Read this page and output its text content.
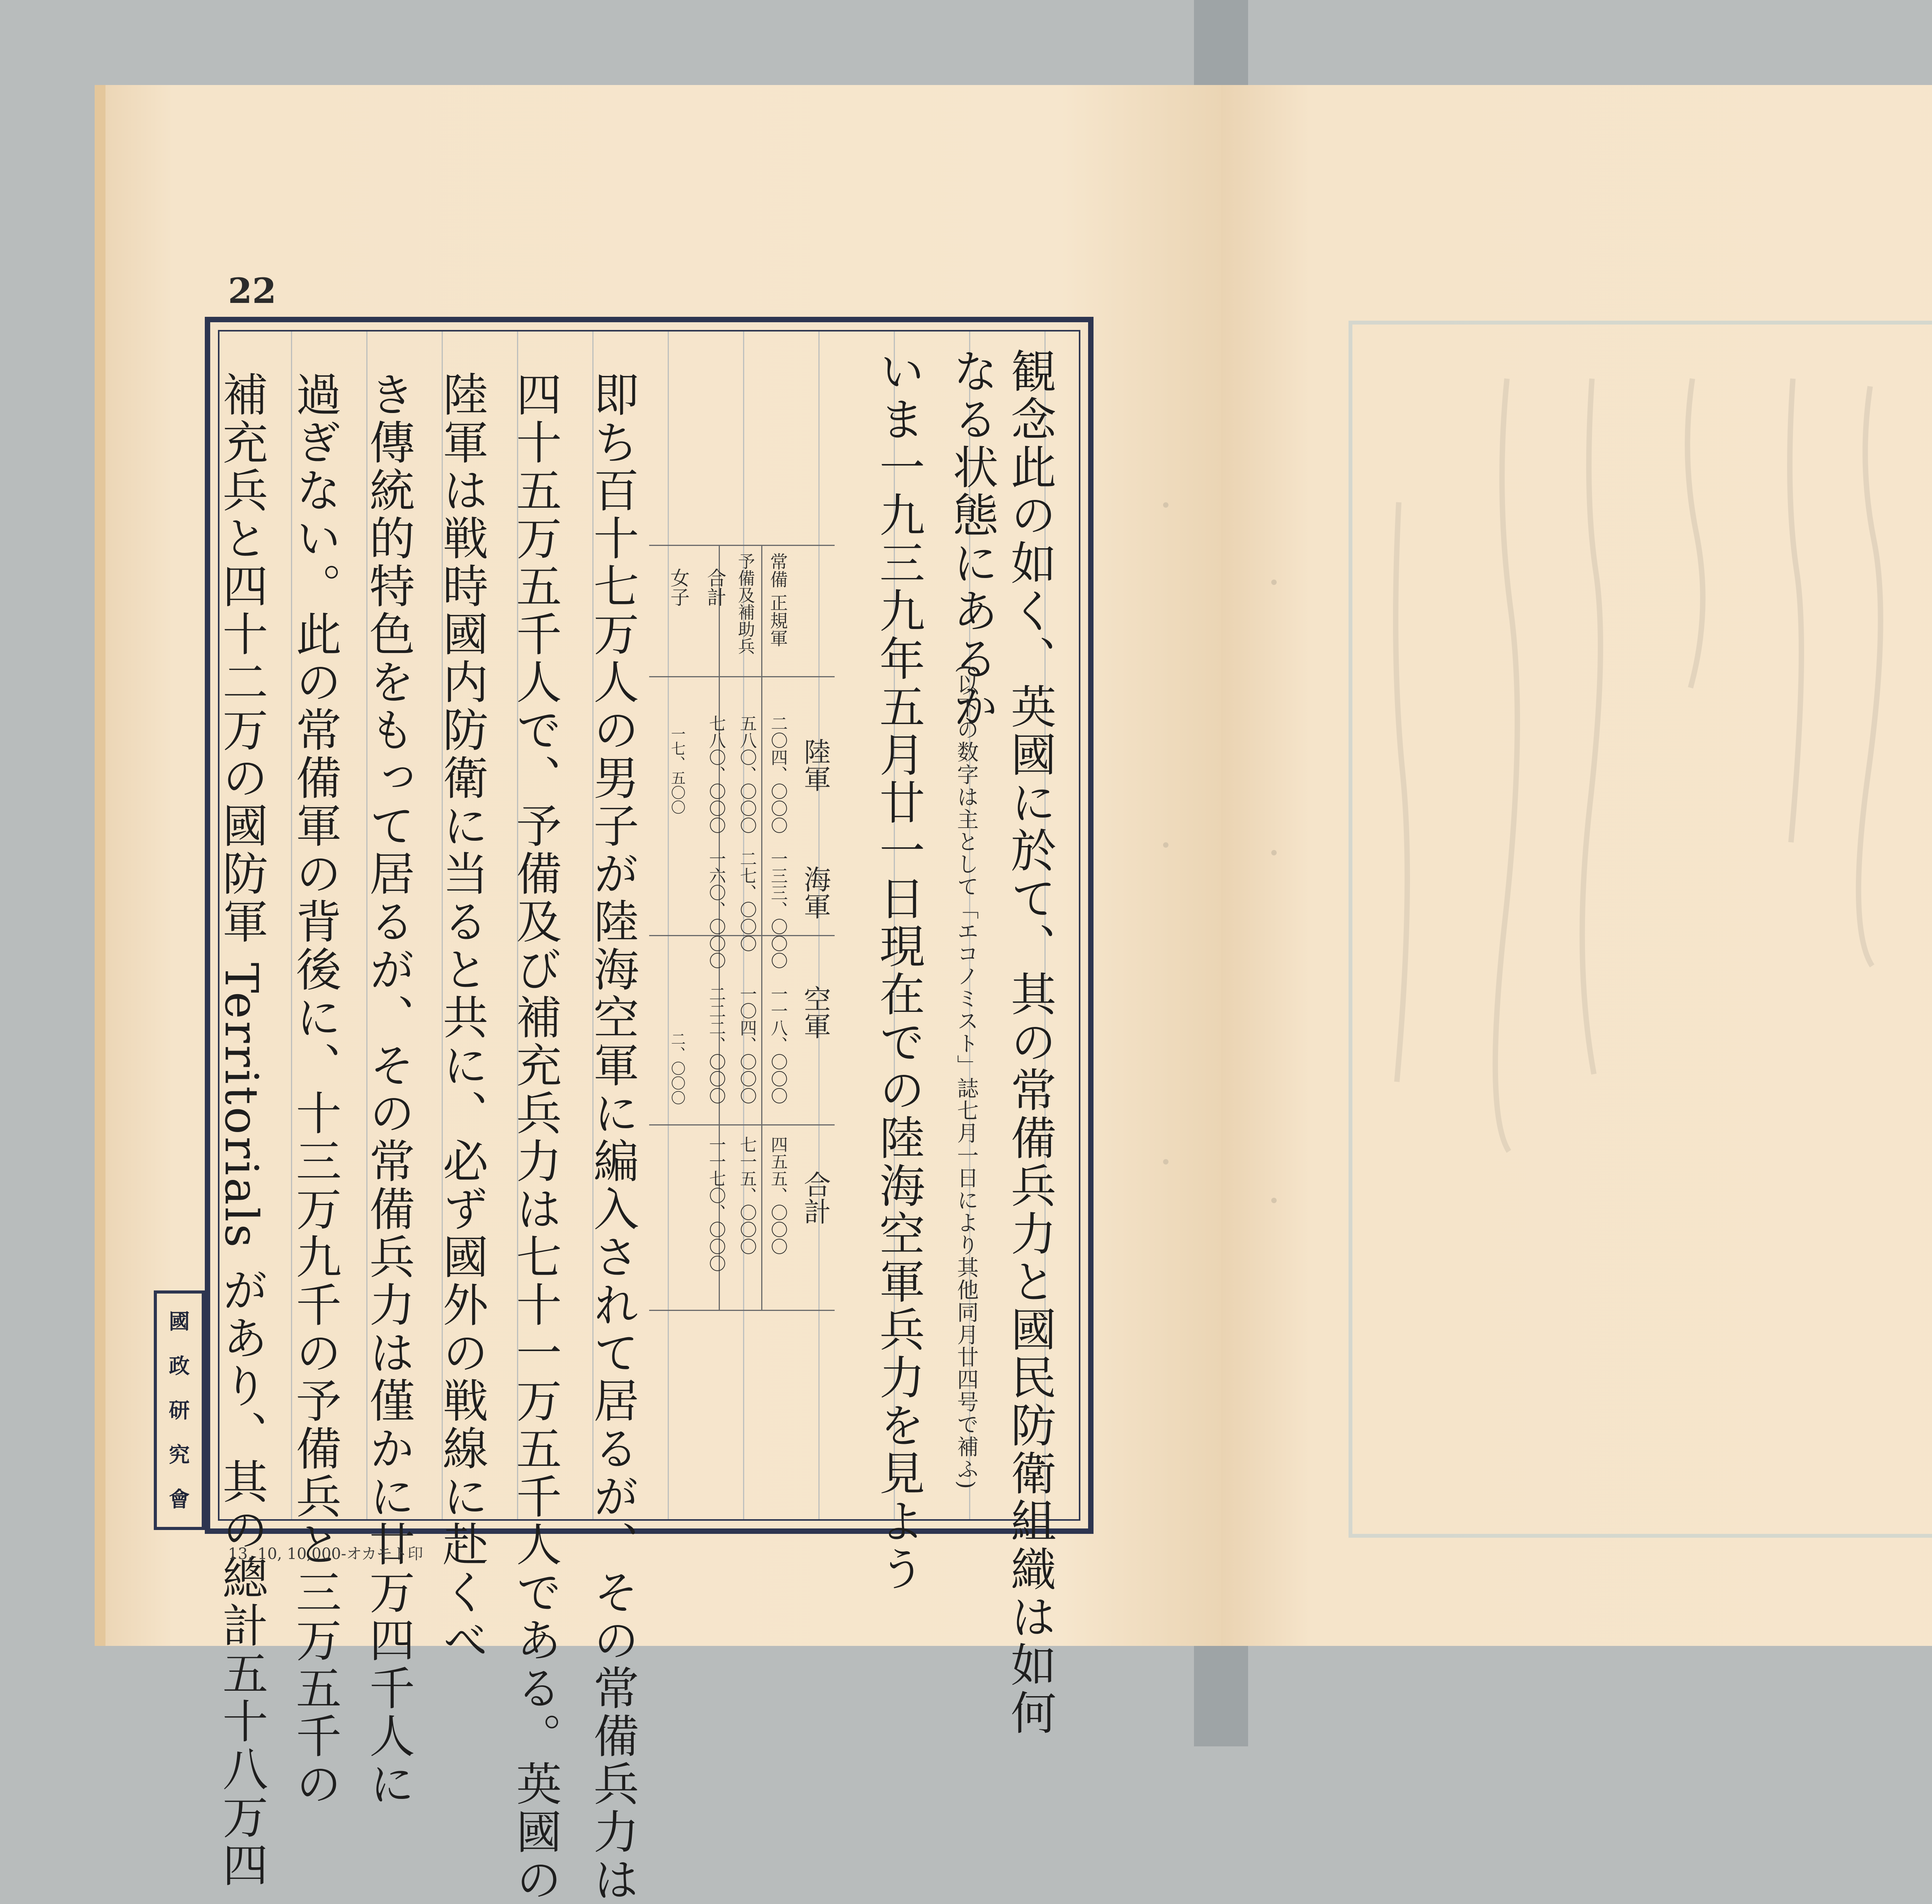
22
観念此の如く、英國に於て、其の常備兵力と國民防衛組織は如何
なる状態にあるか
(以下の数字は主として「エコノミスト」誌七月一日により其他同月廿四号で補ふ)
いま一九三九年五月廿一日現在での陸海空軍兵力を見よう
即ち百十七万人の男子が陸海空軍に編入されて居るが、その常備兵力は
四十五万五千人で、予備及び補充兵力は七十一万五千人である。英國の
陸軍は戦時國内防衛に当ると共に、必ず國外の戦線に赴くべ
き傳統的特色をもって居るが、その常備兵力は僅かに廿万四千人に
過ぎない。此の常備軍の背後に、十三万九千の予備兵と三万五千の
補充兵と四十二万の國防軍 Territorials があり、其の總計五十八万四	陸軍
海軍
空軍
合計
常備 正規軍
予備及補助兵
合計
女子
二〇四、〇〇〇
一三三、〇〇〇
一一八、〇〇〇
四五五、〇〇〇
五八〇、〇〇〇
二七、〇〇〇
一〇四、〇〇〇
七一五、〇〇〇
七八〇、〇〇〇
一六〇、〇〇〇
二二二、〇〇〇
一一七〇、〇〇〇
一七、五〇〇
二、〇〇〇
國
政
研
究
會
13, 10, 10,000-オカモト印
